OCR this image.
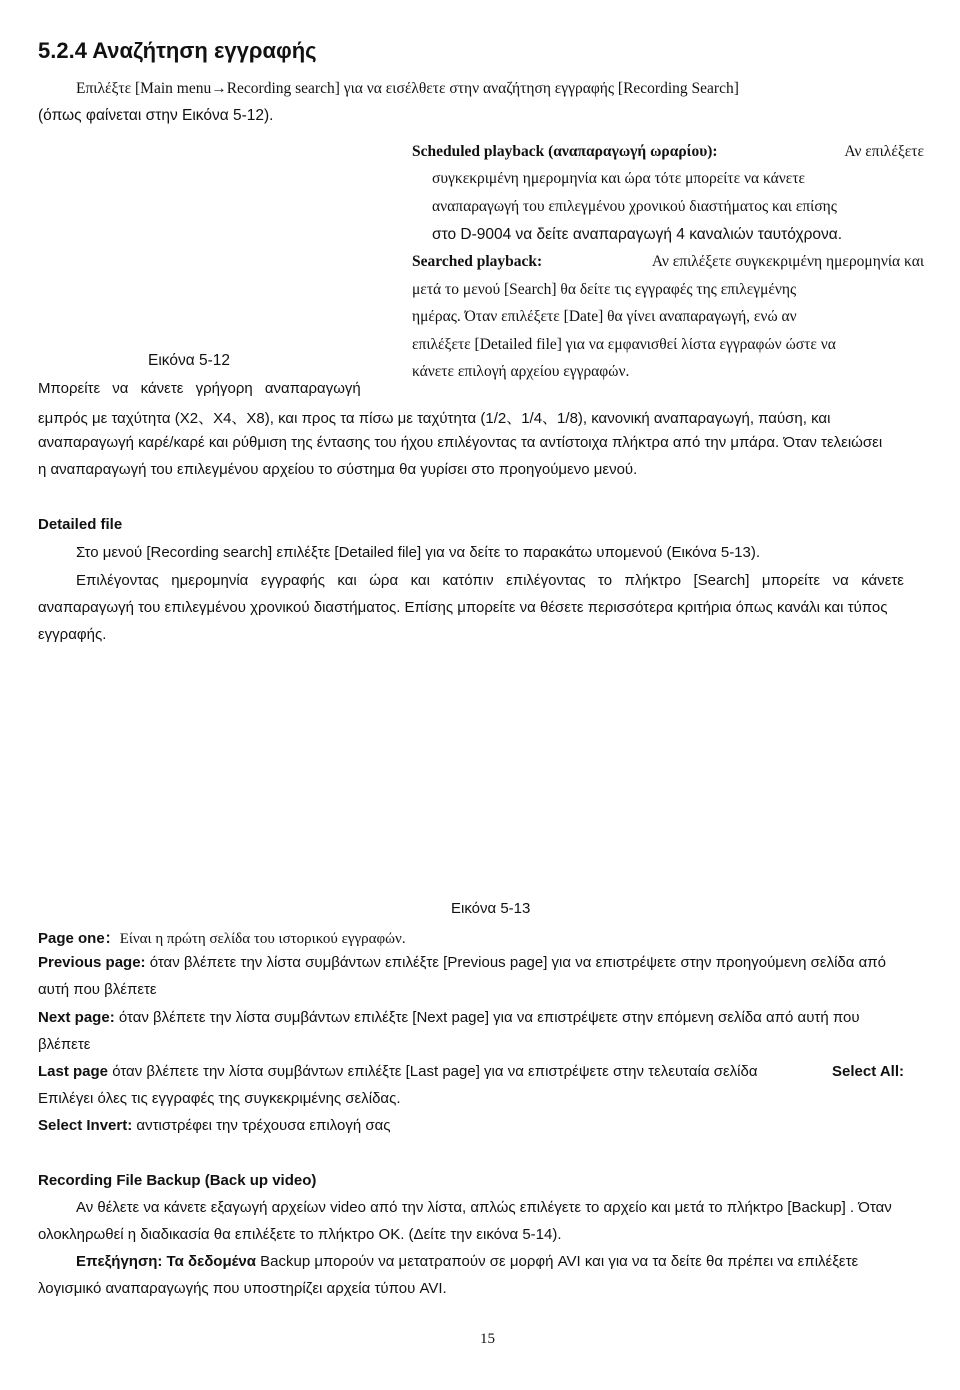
5.2.4 Αναζήτηση εγγραφής
Επιλέξτε [Main menu→Recording search] για να εισέλθετε στην αναζήτηση εγγραφής [Recording Search]
(όπως φαίνεται στην Εικόνα 5-12).
Scheduled playback (αναπαραγωγή ωραρίου):	Αν επιλέξετε
συγκεκριμένη ημερομηνία και ώρα τότε μπορείτε να κάνετε
αναπαραγωγή του επιλεγμένου χρονικού διαστήματος και επίσης
στο D-9004 να δείτε αναπαραγωγή 4 καναλιών ταυτόχρονα.
Searched playback:	Αν επιλέξετε συγκεκριμένη ημερομηνία και
μετά το μενού [Search] θα δείτε τις εγγραφές της επιλεγμένης
ημέρας. Όταν επιλέξετε [Date] θα γίνει αναπαραγωγή, ενώ αν
επιλέξετε [Detailed file] για να εμφανισθεί λίστα εγγραφών ώστε να
κάνετε επιλογή αρχείου εγγραφών.
Εικόνα 5-12
Μπορείτε να κάνετε γρήγορη αναπαραγωγή
εμπρός με ταχύτητα (X2、X4、X8), και προς τα πίσω με ταχύτητα (1/2、1/4、1/8), κανονική αναπαραγωγή, παύση, και
αναπαραγωγή καρέ/καρέ και ρύθμιση της έντασης του ήχου επιλέγοντας τα αντίστοιχα πλήκτρα από την μπάρα. Όταν τελειώσει
η αναπαραγωγή του επιλεγμένου αρχείου το σύστημα θα γυρίσει στο προηγούμενο μενού.
Detailed file
Στο μενού [Recording search] επιλέξτε [Detailed file] για να δείτε το παρακάτω υπομενού (Εικόνα 5-13).
Επιλέγοντας ημερομηνία εγγραφής και ώρα και κατόπιν επιλέγοντας το πλήκτρο [Search] μπορείτε να κάνετε
αναπαραγωγή του επιλεγμένου χρονικού διαστήματος. Επίσης μπορείτε να θέσετε περισσότερα κριτήρια όπως κανάλι και τύπος
εγγραφής.
Εικόνα 5-13
Page one：Είναι η πρώτη σελίδα του ιστορικού εγγραφών.
Previous page: όταν βλέπετε την λίστα συμβάντων επιλέξτε [Previous page] για να επιστρέψετε στην προηγούμενη σελίδα από
αυτή που βλέπετε
Next page: όταν βλέπετε την λίστα συμβάντων επιλέξτε [Next page] για να επιστρέψετε στην επόμενη σελίδα από αυτή που
βλέπετε
Last page όταν βλέπετε την λίστα συμβάντων επιλέξτε [Last page] για να επιστρέψετε στην τελευταία σελίδα	Select All:
Επιλέγει όλες τις εγγραφές της συγκεκριμένης σελίδας.
Select Invert: αντιστρέφει την τρέχουσα επιλογή σας
Recording File Backup (Back up video)
Αν θέλετε να κάνετε εξαγωγή αρχείων video από την λίστα, απλώς επιλέγετε το αρχείο και μετά το πλήκτρο [Backup] . Όταν
ολοκληρωθεί η διαδικασία θα επιλέξετε το πλήκτρο OK. (Δείτε την εικόνα 5-14).
Επεξήγηση: Τα δεδομένα Backup μπορούν να μετατραπούν σε μορφή AVI και για να τα δείτε θα πρέπει να επιλέξετε
λογισμικό αναπαραγωγής που υποστηρίζει αρχεία τύπου AVI.
15
